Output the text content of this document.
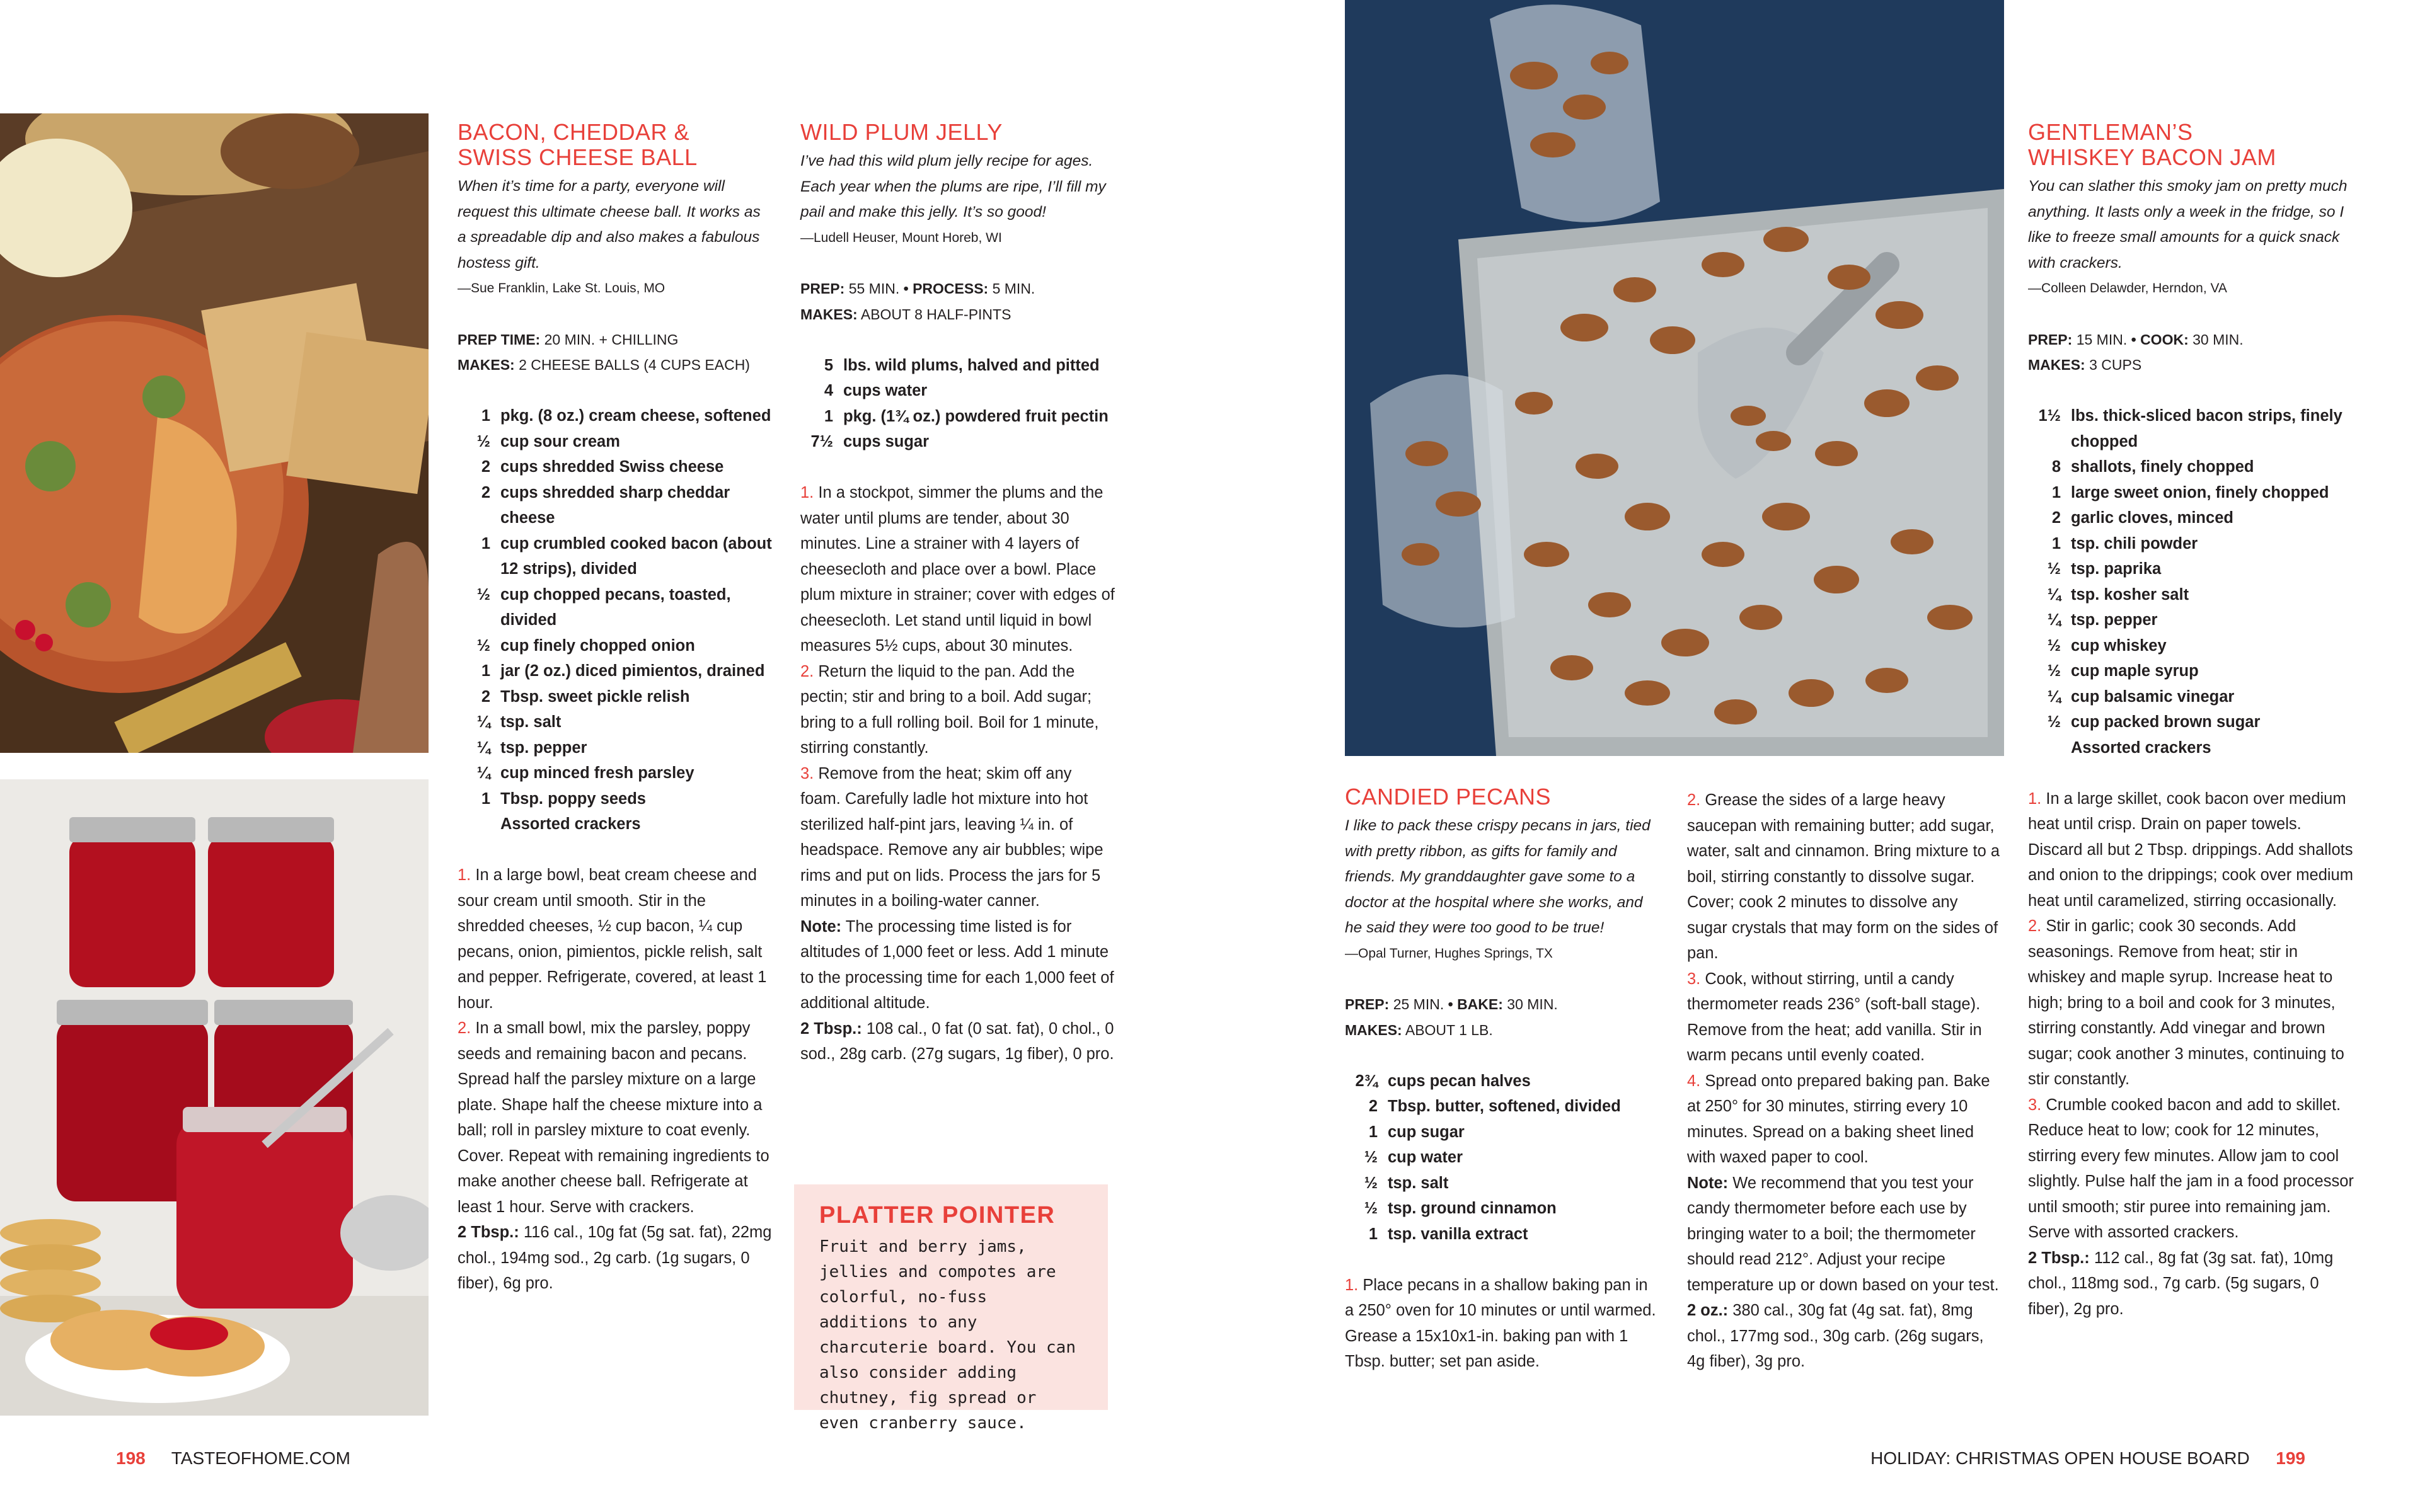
BACON, CHEDDAR &
SWISS CHEESE BALL

When it’s time for a party, everyone will request this ultimate cheese ball. It works as a spreadable dip and also makes a fabulous hostess gift.

—Sue Franklin, Lake St. Louis, MO

PREP TIME: 20 MIN. + CHILLING

MAKES: 2 CHEESE BALLS (4 CUPS EACH)

1 pkg. (8 oz.) cream cheese, softened
½ cup sour cream
2 cups shredded Swiss cheese
2 cups shredded sharp cheddar cheese
1 cup crumbled cooked bacon (about 12 strips), divided
½ cup chopped pecans, toasted, divided
½ cup finely chopped onion
1 jar (2 oz.) diced pimientos, drained
2 Tbsp. sweet pickle relish
¼ tsp. salt
¼ tsp. pepper
¼ cup minced fresh parsley
1 Tbsp. poppy seeds
Assorted crackers

1. In a large bowl, beat cream cheese and sour cream until smooth. Stir in the shredded cheeses, ½ cup bacon, ¼ cup pecans, onion, pimientos, pickle relish, salt and pepper. Refrigerate, covered, at least 1 hour.

2. In a small bowl, mix the parsley, poppy seeds and remaining bacon and pecans. Spread half the parsley mixture on a large plate. Shape half the cheese mixture into a ball; roll in parsley mixture to coat evenly. Cover. Repeat with remaining ingredients to make another cheese ball. Refrigerate at least 1 hour. Serve with crackers.

2 Tbsp.: 116 cal., 10g fat (5g sat. fat), 22mg chol., 194mg sod., 2g carb. (1g sugars, 0 fiber), 6g pro.

WILD PLUM JELLY

I’ve had this wild plum jelly recipe for ages. Each year when the plums are ripe, I’ll fill my pail and make this jelly. It’s so good!

—Ludell Heuser, Mount Horeb, WI

PREP: 55 MIN. • PROCESS: 5 MIN.

MAKES: ABOUT 8 HALF-PINTS

5 lbs. wild plums, halved and pitted
4 cups water
1 pkg. (1¾ oz.) powdered fruit pectin
7½ cups sugar

1. In a stockpot, simmer the plums and the water until plums are tender, about 30 minutes. Line a strainer with 4 layers of cheesecloth and place over a bowl. Place plum mixture in strainer; cover with edges of cheesecloth. Let stand until liquid in bowl measures 5½ cups, about 30 minutes.

2. Return the liquid to the pan. Add the pectin; stir and bring to a boil. Add sugar; bring to a full rolling boil. Boil for 1 minute, stirring constantly.

3. Remove from the heat; skim off any foam. Carefully ladle hot mixture into hot sterilized half-pint jars, leaving ¼ in. of headspace. Remove any air bubbles; wipe rims and put on lids. Process the jars for 5 minutes in a boiling-water canner.

Note: The processing time listed is for altitudes of 1,000 feet or less. Add 1 minute to the processing time for each 1,000 feet of additional altitude.

2 Tbsp.: 108 cal., 0 fat (0 sat. fat), 0 chol., 0 sod., 28g carb. (27g sugars, 1g fiber), 0 pro.

PLATTER POINTER

Fruit and berry jams, jellies and compotes are colorful, no-fuss additions to any charcuterie board. You can also consider adding chutney, fig spread or even cranberry sauce.

CANDIED PECANS

I like to pack these crispy pecans in jars, tied with pretty ribbon, as gifts for family and friends. My granddaughter gave some to a doctor at the hospital where she works, and he said they were too good to be true!

—Opal Turner, Hughes Springs, TX

PREP: 25 MIN. • BAKE: 30 MIN.

MAKES: ABOUT 1 LB.

2¾ cups pecan halves
2 Tbsp. butter, softened, divided
1 cup sugar
½ cup water
½ tsp. salt
½ tsp. ground cinnamon
1 tsp. vanilla extract

1. Place pecans in a shallow baking pan in a 250° oven for 10 minutes or until warmed. Grease a 15x10x1-in. baking pan with 1 Tbsp. butter; set pan aside.

2. Grease the sides of a large heavy saucepan with remaining butter; add sugar, water, salt and cinnamon. Bring mixture to a boil, stirring constantly to dissolve sugar. Cover; cook 2 minutes to dissolve any sugar crystals that may form on the sides of pan.

3. Cook, without stirring, until a candy thermometer reads 236° (soft-ball stage). Remove from the heat; add vanilla. Stir in warm pecans until evenly coated.

4. Spread onto prepared baking pan. Bake at 250° for 30 minutes, stirring every 10 minutes. Spread on a baking sheet lined with waxed paper to cool.

Note: We recommend that you test your candy thermometer before each use by bringing water to a boil; the thermometer should read 212°. Adjust your recipe temperature up or down based on your test.

2 oz.: 380 cal., 30g fat (4g sat. fat), 8mg chol., 177mg sod., 30g carb. (26g sugars, 4g fiber), 3g pro.

GENTLEMAN’S
WHISKEY BACON JAM

You can slather this smoky jam on pretty much anything. It lasts only a week in the fridge, so I like to freeze small amounts for a quick snack with crackers.

—Colleen Delawder, Herndon, VA

PREP: 15 MIN. • COOK: 30 MIN.

MAKES: 3 CUPS

1½ lbs. thick-sliced bacon strips, finely chopped
8 shallots, finely chopped
1 large sweet onion, finely chopped
2 garlic cloves, minced
1 tsp. chili powder
½ tsp. paprika
¼ tsp. kosher salt
¼ tsp. pepper
½ cup whiskey
½ cup maple syrup
¼ cup balsamic vinegar
½ cup packed brown sugar
Assorted crackers

1. In a large skillet, cook bacon over medium heat until crisp. Drain on paper towels. Discard all but 2 Tbsp. drippings. Add shallots and onion to the drippings; cook over medium heat until caramelized, stirring occasionally.

2. Stir in garlic; cook 30 seconds. Add seasonings. Remove from heat; stir in whiskey and maple syrup. Increase heat to high; bring to a boil and cook for 3 minutes, stirring constantly. Add vinegar and brown sugar; cook another 3 minutes, continuing to stir constantly.

3. Crumble cooked bacon and add to skillet. Reduce heat to low; cook for 12 minutes, stirring every few minutes. Allow jam to cool slightly. Pulse half the jam in a food processor until smooth; stir puree into remaining jam. Serve with assorted crackers.

2 Tbsp.: 112 cal., 8g fat (3g sat. fat), 10mg chol., 118mg sod., 7g carb. (5g sugars, 0 fiber), 2g pro.

198 TASTEOFHOME.COM	HOLIDAY: CHRISTMAS OPEN HOUSE BOARD 199
